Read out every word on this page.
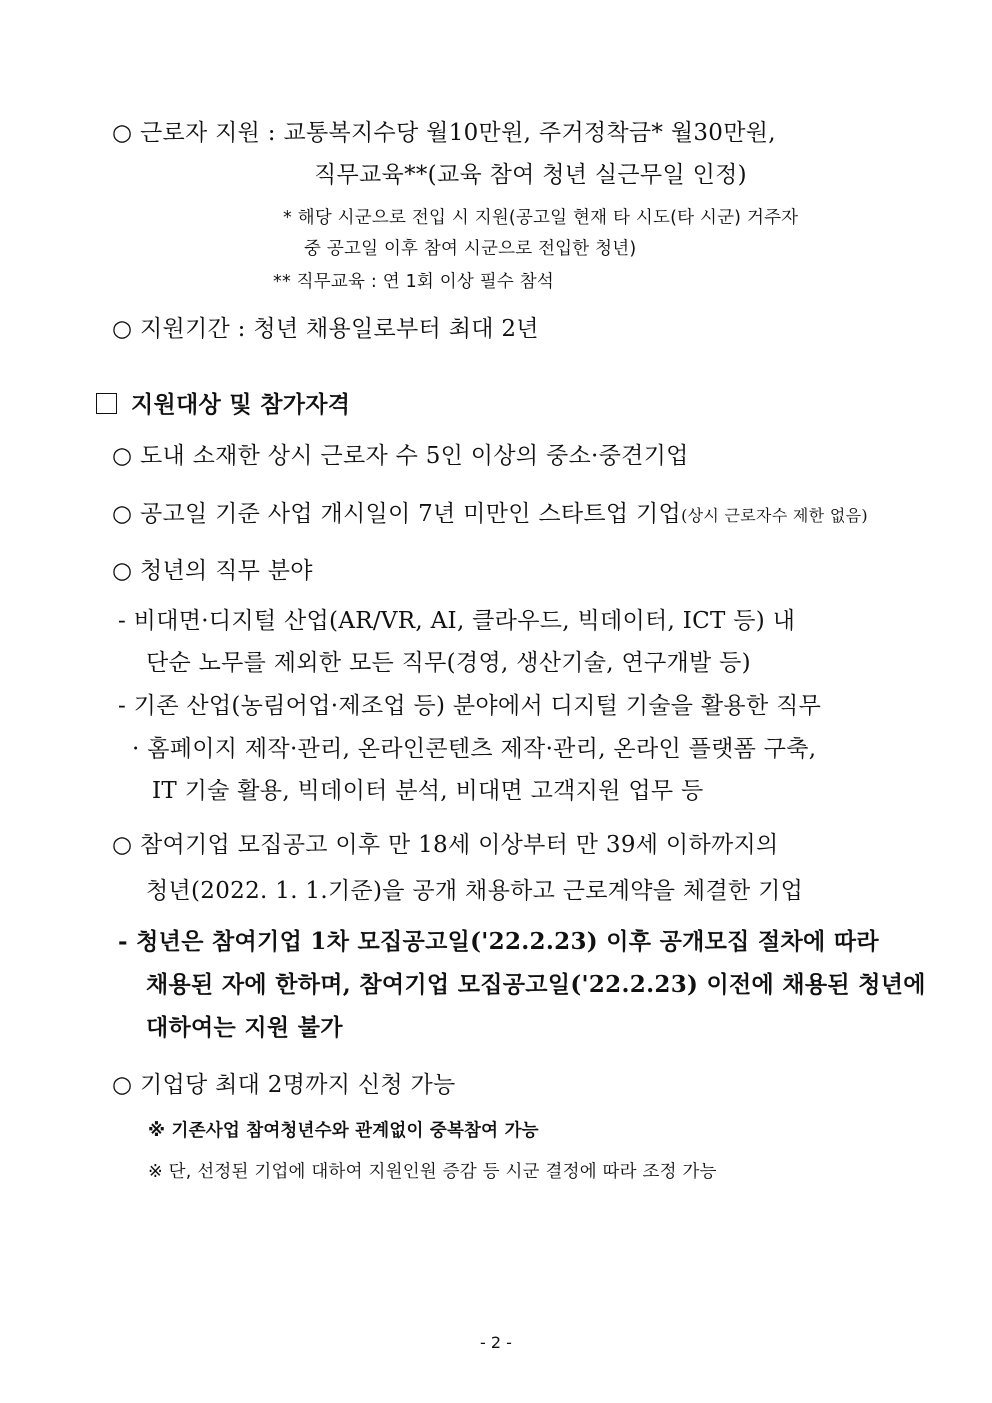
○ 근로자 지원 : 교통복지수당 월10만원, 주거정착금* 월30만원,
직무교육**(교육 참여 청년 실근무일 인정)
* 해당 시군으로 전입 시 지원(공고일 현재 타 시도(타 시군) 거주자
중 공고일 이후 참여 시군으로 전입한 청년)
** 직무교육 : 연 1회 이상 필수 참석
○ 지원기간 : 청년 채용일로부터 최대 2년
지원대상 및 참가자격
○ 도내 소재한 상시 근로자 수 5인 이상의 중소·중견기업
○ 공고일 기준 사업 개시일이 7년 미만인 스타트업 기업(상시 근로자수 제한 없음)
○ 청년의 직무 분야
- 비대면·디지털 산업(AR/VR, AI, 클라우드, 빅데이터, ICT 등) 내
단순 노무를 제외한 모든 직무(경영, 생산기술, 연구개발 등)
- 기존 산업(농림어업·제조업 등) 분야에서 디지털 기술을 활용한 직무
· 홈페이지 제작·관리, 온라인콘텐츠 제작·관리, 온라인 플랫폼 구축,
IT 기술 활용, 빅데이터 분석, 비대면 고객지원 업무 등
○ 참여기업 모집공고 이후 만 18세 이상부터 만 39세 이하까지의
청년(2022. 1. 1.기준)을 공개 채용하고 근로계약을 체결한 기업
- 청년은 참여기업 1차 모집공고일('22.2.23) 이후 공개모집 절차에 따라
채용된 자에 한하며, 참여기업 모집공고일('22.2.23) 이전에 채용된 청년에
대하여는 지원 불가
○ 기업당 최대 2명까지 신청 가능
※ 기존사업 참여청년수와 관계없이 중복참여 가능
※ 단, 선정된 기업에 대하여 지원인원 증감 등 시군 결정에 따라 조정 가능
- 2 -
